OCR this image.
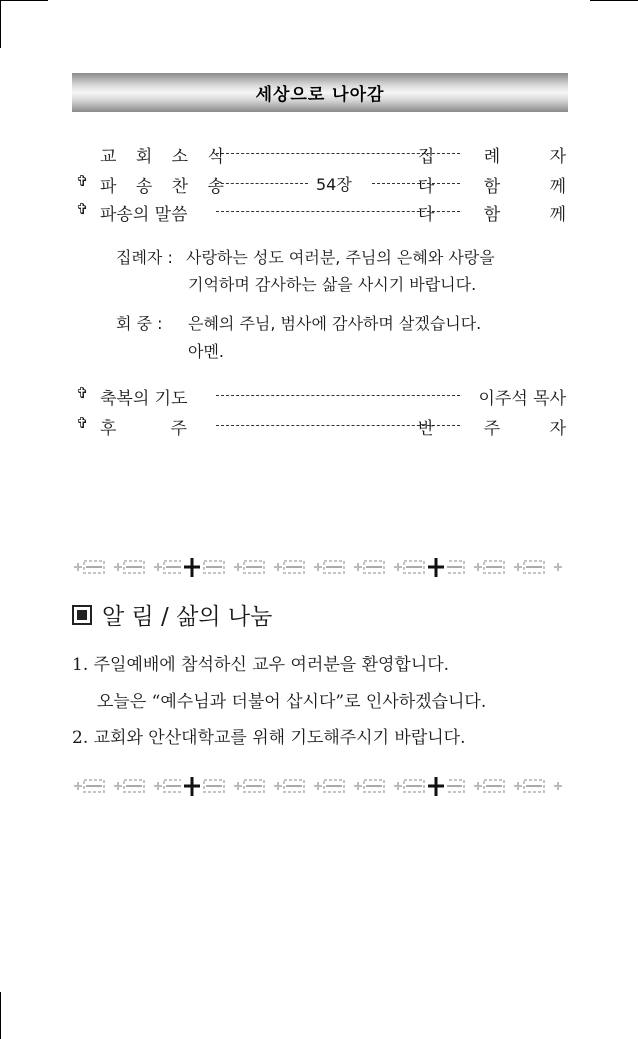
세상으로 나아감
교 회 소 식	집 례 자
✞ 파 송 찬 송	54장	다 함 께
✞ 파송의 말씀	다 함 께
집례자 : 사랑하는 성도 여러분, 주님의 은혜와 사랑을
기억하며 감사하는 삶을 사시기 바랍니다.
회 중 : 은혜의 주님, 범사에 감사하며 살겠습니다.
아멘.
✞ 축복의 기도	이주석 목사
✞ 후          주	반 주 자
알 림 / 삶의 나눔
1. 주일예배에 참석하신 교우 여러분을 환영합니다.
오늘은 “예수님과 더불어 삽시다”로 인사하겠습니다.
2. 교회와 안산대학교를 위해 기도해주시기 바랍니다.
